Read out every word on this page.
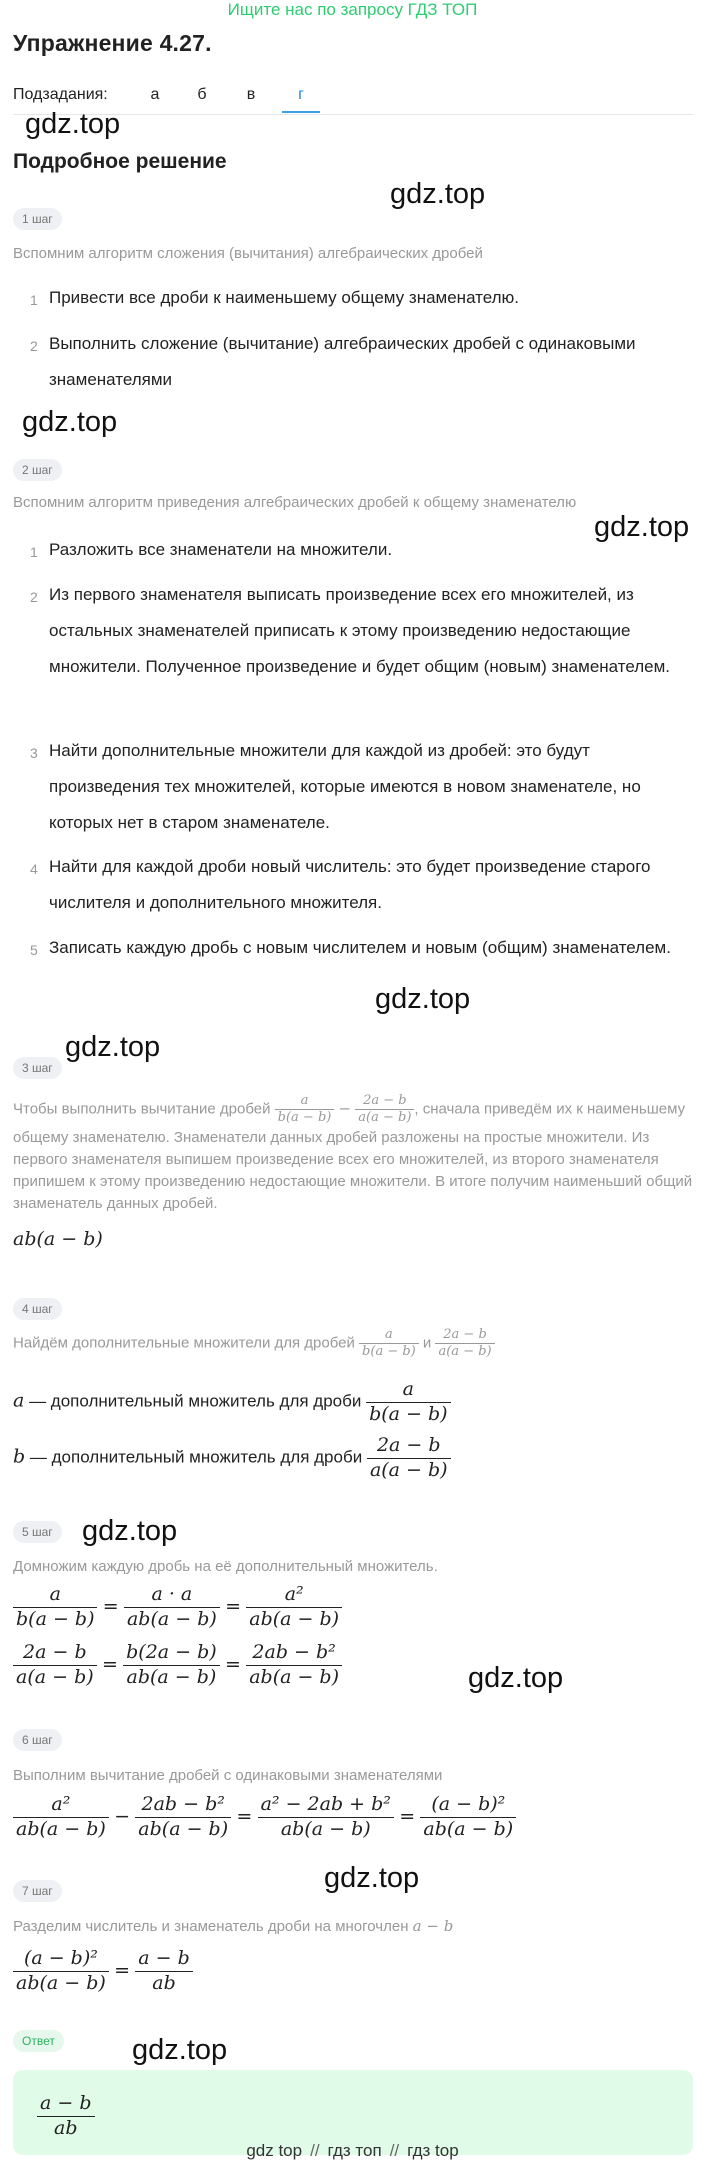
Ищите нас по запросу ГДЗ ТОП
Упражнение 4.27.
Подзадания:	а	б	в	г
gdz.top
Подробное решение
gdz.top
1 шаг
Вспомним алгоритм сложения (вычитания) алгебраических дробей
1 Привести все дроби к наименьшему общему знаменателю.
2 Выполнить сложение (вычитание) алгебраических дробей с одинаковыми знаменателями
gdz.top
2 шаг
Вспомним алгоритм приведения алгебраических дробей к общему знаменателю
gdz.top
1 Разложить все знаменатели на множители.
2 Из первого знаменателя выписать произведение всех его множителей, из остальных знаменателей приписать к этому произведению недостающие множители. Полученное произведение и будет общим (новым) знаменателем.
3 Найти дополнительные множители для каждой из дробей: это будут произведения тех множителей, которые имеются в новом знаменателе, но которых нет в старом знаменателе.
4 Найти для каждой дроби новый числитель: это будет произведение старого числителя и дополнительного множителя.
5 Записать каждую дробь с новым числителем и новым (общим) знаменателем.
gdz.top
gdz.top
3 шаг
Чтобы выполнить вычитание дробей $\frac{a}{b(a - b)} - \frac{2a - b}{a(a - b)}$ , сначала приведём их к наименьшему общему знаменателю. Знаменатели данных дробей разложены на простые множители. Из первого знаменателя выпишем произведение всех его множителей, из второго знаменателя припишем к этому произведению недостающие множители. В итоге получим наименьший общий знаменатель данных дробей.
ab(a − b)
4 шаг
Найдём дополнительные множители для дробей $\frac{a}{b(a - b)}$ и $\frac{2a - b}{a(a - b)}$
a — дополнительный множитель для дроби $\frac{a}{b(a - b)}$
b — дополнительный множитель для дроби $\frac{2a - b}{a(a - b)}$
5 шаг	gdz.top
Домножим каждую дробь на её дополнительный множитель.
$\frac{a}{b(a - b)} = \frac{a \cdot a}{ab(a - b)} = \frac{\text{a²}}{ab(a - b)}$
$\frac{2a - b}{a(a - b)} = \frac{b(2a - b)}{ab(a - b)} = \frac{\text{2ab − b²}}{ab(a - b)}$	gdz.top
6 шаг
Выполним вычитание дробей с одинаковыми знаменателями
$\frac{\text{a²}}{ab(a - b)} - \frac{\text{2ab − b²}}{ab(a - b)} = \frac{\text{a² − 2ab + b²}}{ab(a - b)} = \frac{\text{(a − b)²}}{ab(a - b)}$
gdz.top
7 шаг
Разделим числитель и знаменатель дроби на многочлен a − b
$\frac{\text{(a − b)²}}{ab(a - b)} = \frac{a - b}{ab}$
Ответ	gdz.top
$\frac{a - b}{ab}$
gdz top // гдз топ // гдз top
